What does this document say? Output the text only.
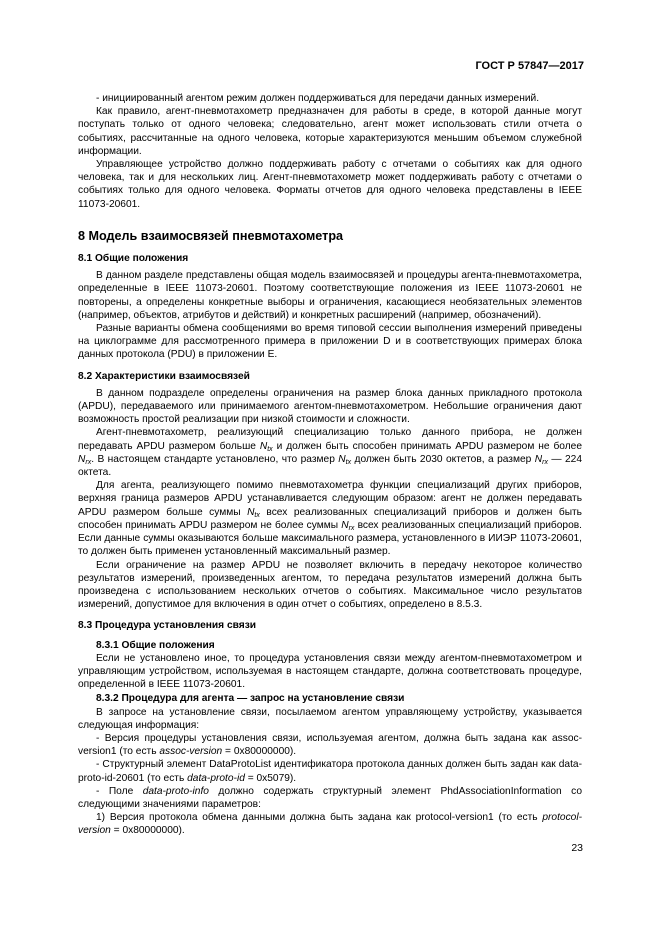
ГОСТ Р 57847—2017

- инициированный агентом режим должен поддерживаться для передачи данных измерений.

Как правило, агент-пневмотахометр предназначен для работы в среде, в которой данные могут поступать только от одного человека; следовательно, агент может использовать стили отчета о событиях, рассчитанные на одного человека, которые характеризуются меньшим объемом служебной информации.

Управляющее устройство должно поддерживать работу с отчетами о событиях как для одного человека, так и для нескольких лиц. Агент-пневмотахометр может поддерживать работу с отчетами о событиях только для одного человека. Форматы отчетов для одного человека представлены в IEEE 11073-20601.

8 Модель взаимосвязей пневмотахометра
8.1 Общие положения

В данном разделе представлены общая модель взаимосвязей и процедуры агента-пневмотахометра, определенные в IEEE 11073-20601. Поэтому соответствующие положения из IEEE 11073-20601 не повторены, а определены конкретные выборы и ограничения, касающиеся необязательных элементов (например, объектов, атрибутов и действий) и конкретных расширений (например, обозначений).

Разные варианты обмена сообщениями во время типовой сессии выполнения измерений приведены на циклограмме для рассмотренного примера в приложении D и в соответствующих примерах блока данных протокола (PDU) в приложении Е.

8.2 Характеристики взаимосвязей

В данном подразделе определены ограничения на размер блока данных прикладного протокола (APDU), передаваемого или принимаемого агентом-пневмотахометром. Небольшие ограничения дают возможность простой реализации при низкой стоимости и сложности.

Агент-пневмотахометр, реализующий специализацию только данного прибора, не должен передавать APDU размером больше $N_{tx}$ и должен быть способен принимать APDU размером не более $N_{rx}$. В настоящем стандарте установлено, что размер $N_{tx}$ должен быть 2030 октетов, а размер $N_{rx}$ — 224 октета.

Для агента, реализующего помимо пневмотахометра функции специализаций других приборов, верхняя граница размеров APDU устанавливается следующим образом: агент не должен передавать APDU размером больше суммы $N_{tx}$ всех реализованных специализаций приборов и должен быть способен принимать APDU размером не более суммы $N_{rx}$ всех реализованных специализаций приборов. Если данные суммы оказываются больше максимального размера, установленного в ИИЭР 11073-20601, то должен быть применен установленный максимальный размер.

Если ограничение на размер APDU не позволяет включить в передачу некоторое количество результатов измерений, произведенных агентом, то передача результатов измерений должна быть произведена с использованием нескольких отчетов о событиях. Максимальное число результатов измерений, допустимое для включения в один отчет о событиях, определено в 8.5.3.

8.3 Процедура установления связи
8.3.1 Общие положения

Если не установлено иное, то процедура установления связи между агентом-пневмотахометром и управляющим устройством, используемая в настоящем стандарте, должна соответствовать процедуре, определенной в IEEE 11073-20601.

8.3.2 Процедура для агента — запрос на установление связи

В запросе на установление связи, посылаемом агентом управляющему устройству, указывается следующая информация:

- Версия процедуры установления связи, используемая агентом, должна быть задана как assoc-version1 (то есть assoc-version = 0x80000000).

- Структурный элемент DataProtoList идентификатора протокола данных должен быть задан как data-proto-id-20601 (то есть data-proto-id = 0x5079).

- Поле data-proto-info должно содержать структурный элемент PhdAssociationInformation со следующими значениями параметров:

1) Версия протокола обмена данными должна быть задана как protocol-version1 (то есть protocol-version = 0x80000000).

23
